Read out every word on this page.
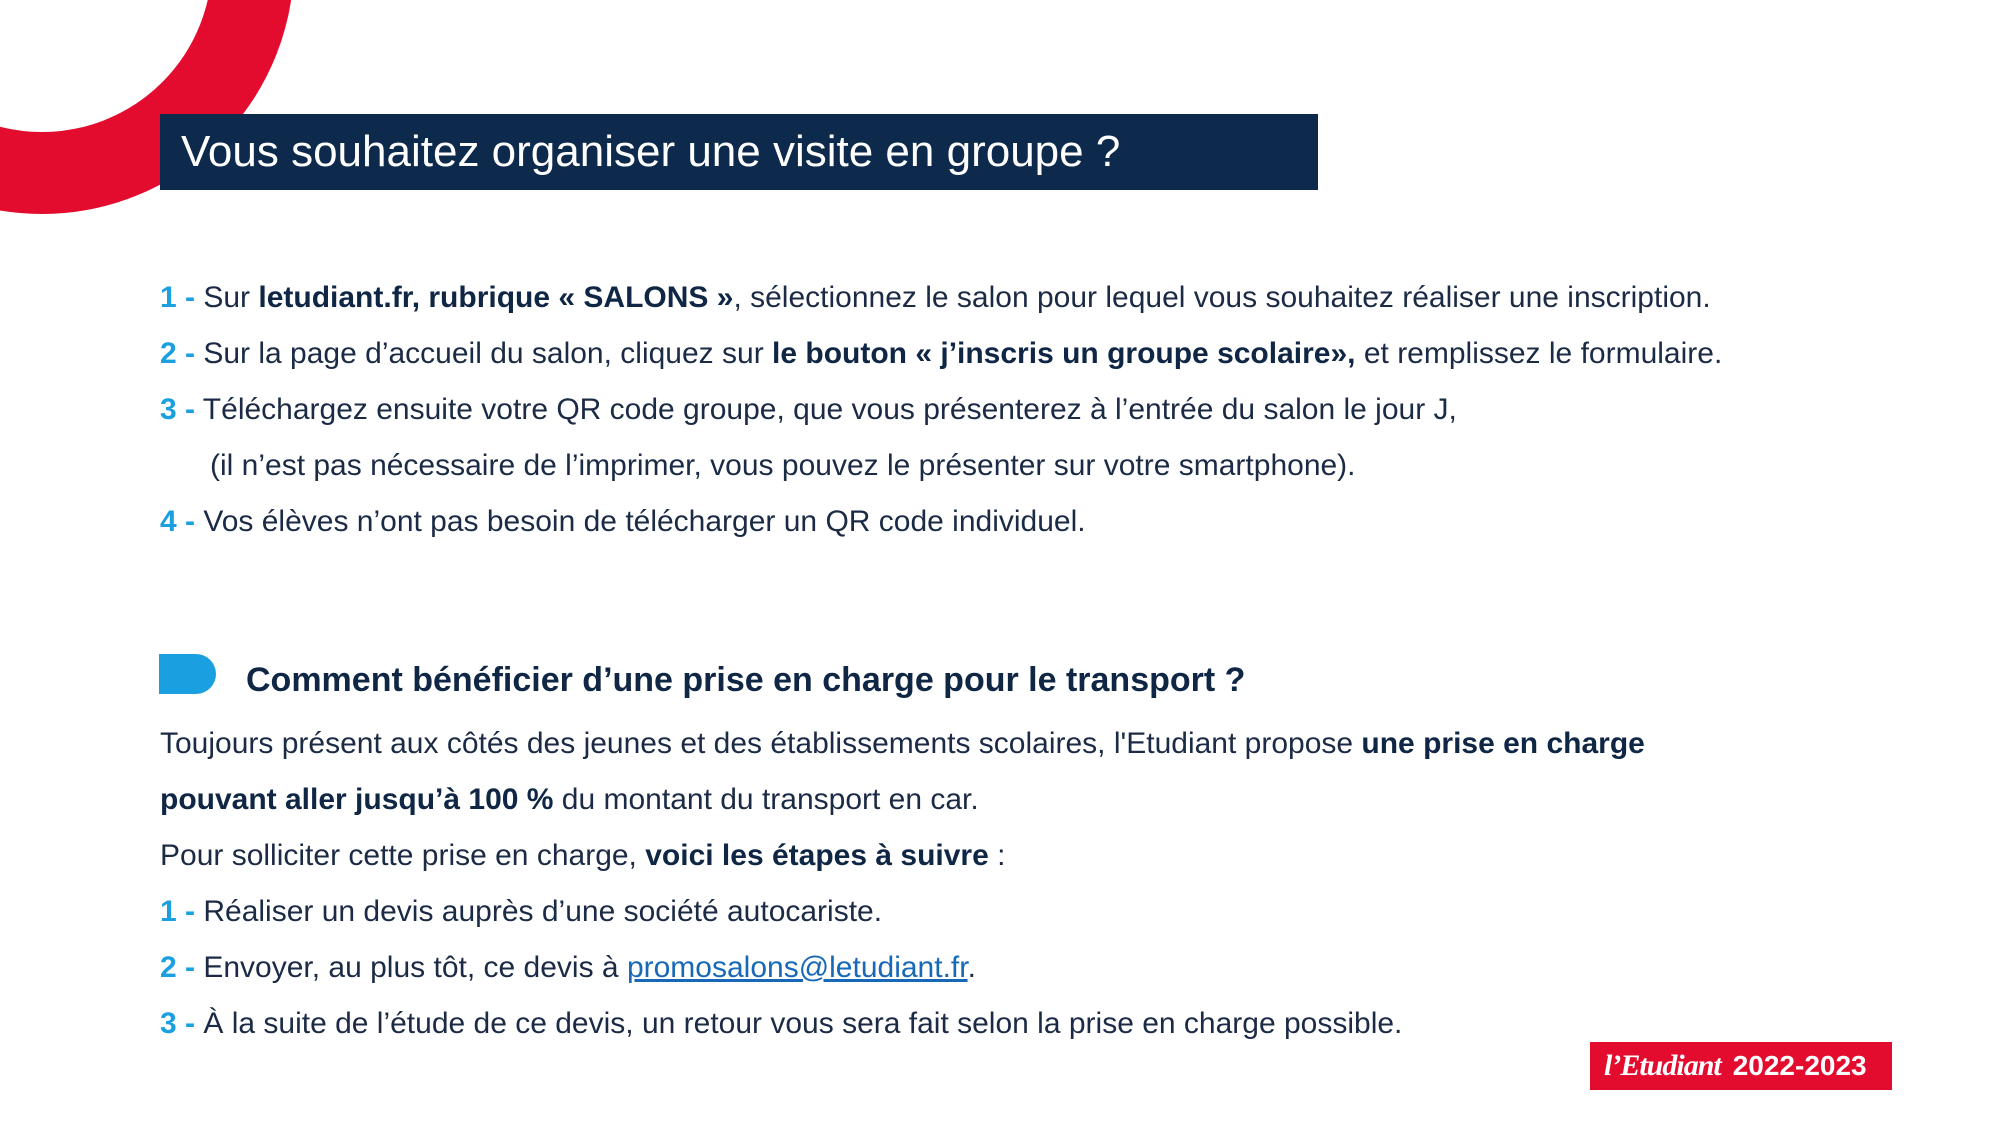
Vous souhaitez organiser une visite en groupe ?
1 - Sur letudiant.fr, rubrique « SALONS », sélectionnez le salon pour lequel vous souhaitez réaliser une inscription.
2 - Sur la page d’accueil du salon, cliquez sur le bouton « j’inscris un groupe scolaire», et remplissez le formulaire.
3 - Téléchargez ensuite votre QR code groupe, que vous présenterez à l’entrée du salon le jour J,
(il n’est pas nécessaire de l’imprimer, vous pouvez le présenter sur votre smartphone).
4 - Vos élèves n’ont pas besoin de télécharger un QR code individuel.
Comment bénéficier d’une prise en charge pour le transport ?
Toujours présent aux côtés des jeunes et des établissements scolaires, l'Etudiant propose une prise en charge
pouvant aller jusqu’à 100 % du montant du transport en car.
Pour solliciter cette prise en charge, voici les étapes à suivre :
1 - Réaliser un devis auprès d’une société autocariste.
2 - Envoyer, au plus tôt, ce devis à promosalons@letudiant.fr.
3 - À la suite de l’étude de ce devis, un retour vous sera fait selon la prise en charge possible.
l’Etudiant 2022-2023
